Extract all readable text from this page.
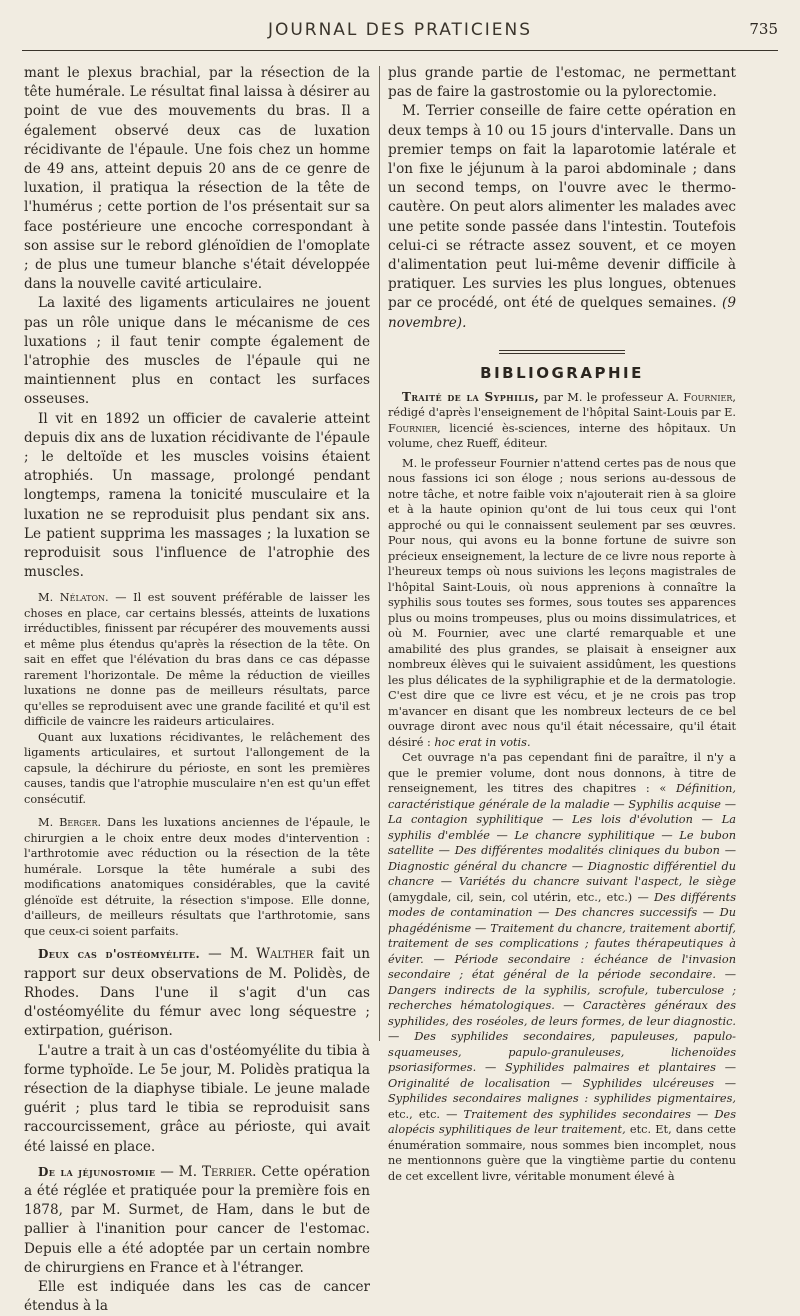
JOURNAL DES PRATICIENS	735

mant le plexus brachial, par la résection de la tête humérale. Le résultat final laissa à désirer au point de vue des mouvements du bras. Il a également observé deux cas de luxation récidivante de l'épaule. Une fois chez un homme de 49 ans, atteint depuis 20 ans de ce genre de luxation, il pratiqua la résection de la tête de l'humérus ; cette portion de l'os présentait sur sa face postérieure une encoche correspondant à son assise sur le rebord glénoïdien de l'omoplate ; de plus une tumeur blanche s'était développée dans la nouvelle cavité articulaire.

La laxité des ligaments articulaires ne jouent pas un rôle unique dans le mécanisme de ces luxations ; il faut tenir compte également de l'atrophie des muscles de l'épaule qui ne maintiennent plus en contact les surfaces osseuses.

Il vit en 1892 un officier de cavalerie atteint depuis dix ans de luxation récidivante de l'épaule ; le deltoïde et les muscles voisins étaient atrophiés. Un massage, prolongé pendant longtemps, ramena la tonicité musculaire et la luxation ne se reproduisit plus pendant six ans. Le patient supprima les massages ; la luxation se reproduisit sous l'influence de l'atrophie des muscles.

M. Nélaton. — Il est souvent préférable de laisser les choses en place, car certains blessés, atteints de luxations irréductibles, finissent par récupérer des mouvements aussi et même plus étendus qu'après la résection de la tête. On sait en effet que l'élévation du bras dans ce cas dépasse rarement l'horizontale. De même la réduction de vieilles luxations ne donne pas de meilleurs résultats, parce qu'elles se reproduisent avec une grande facilité et qu'il est difficile de vaincre les raideurs articulaires.

Quant aux luxations récidivantes, le relâchement des ligaments articulaires, et surtout l'allongement de la capsule, la déchirure du périoste, en sont les premières causes, tandis que l'atrophie musculaire n'en est qu'un effet consécutif.

M. Berger. Dans les luxations anciennes de l'épaule, le chirurgien a le choix entre deux modes d'intervention : l'arthrotomie avec réduction ou la résection de la tête humérale. Lorsque la tête humérale a subi des modifications anatomiques considérables, que la cavité glénoïde est détruite, la résection s'impose. Elle donne, d'ailleurs, de meilleurs résultats que l'arthrotomie, sans que ceux-ci soient parfaits.

Deux cas d'ostéomyélite. — M. Walther fait un rapport sur deux observations de M. Polidès, de Rhodes. Dans l'une il s'agit d'un cas d'ostéomyélite du fémur avec long séquestre ; extirpation, guérison.

L'autre a trait à un cas d'ostéomyélite du tibia à forme typhoïde. Le 5e jour, M. Polidès pratiqua la résection de la diaphyse tibiale. Le jeune malade guérit ; plus tard le tibia se reproduisit sans raccourcissement, grâce au périoste, qui avait été laissé en place.

De la jéjunostomie — M. Terrier. Cette opération a été réglée et pratiquée pour la première fois en 1878, par M. Surmet, de Ham, dans le but de pallier à l'inanition pour cancer de l'estomac. Depuis elle a été adoptée par un certain nombre de chirurgiens en France et à l'étranger.

Elle est indiquée dans les cas de cancer étendus à la

plus grande partie de l'estomac, ne permettant pas de faire la gastrostomie ou la pylorectomie.

M. Terrier conseille de faire cette opération en deux temps à 10 ou 15 jours d'intervalle. Dans un premier temps on fait la laparotomie latérale et l'on fixe le jéjunum à la paroi abdominale ; dans un second temps, on l'ouvre avec le thermo-cautère. On peut alors alimenter les malades avec une petite sonde passée dans l'intestin. Toutefois celui-ci se rétracte assez souvent, et ce moyen d'alimentation peut lui-même devenir difficile à pratiquer. Les survies les plus longues, obtenues par ce procédé, ont été de quelques semaines. (9 novembre).

BIBLIOGRAPHIE

Traité de la Syphilis, par M. le professeur A. Fournier, rédigé d'après l'enseignement de l'hôpital Saint-Louis par E. Fournier, licencié ès-sciences, interne des hôpitaux. Un volume, chez Rueff, éditeur.

M. le professeur Fournier n'attend certes pas de nous que nous fassions ici son éloge ; nous serions au-dessous de notre tâche, et notre faible voix n'ajouterait rien à sa gloire et à la haute opinion qu'ont de lui tous ceux qui l'ont approché ou qui le connaissent seulement par ses œuvres. Pour nous, qui avons eu la bonne fortune de suivre son précieux enseignement, la lecture de ce livre nous reporte à l'heureux temps où nous suivions les leçons magistrales de l'hôpital Saint-Louis, où nous apprenions à connaître la syphilis sous toutes ses formes, sous toutes ses apparences plus ou moins trompeuses, plus ou moins dissimulatrices, et où M. Fournier, avec une clarté remarquable et une amabilité des plus grandes, se plaisait à enseigner aux nombreux élèves qui le suivaient assidûment, les questions les plus délicates de la syphiligraphie et de la dermatologie. C'est dire que ce livre est vécu, et je ne crois pas trop m'avancer en disant que les nombreux lecteurs de ce bel ouvrage diront avec nous qu'il était nécessaire, qu'il était désiré : hoc erat in votis.

Cet ouvrage n'a pas cependant fini de paraître, il n'y a que le premier volume, dont nous donnons, à titre de renseignement, les titres des chapitres : « Définition, caractéristique générale de la maladie — Syphilis acquise — La contagion syphilitique — Les lois d'évolution — La syphilis d'emblée — Le chancre syphilitique — Le bubon satellite — Des différentes modalités cliniques du bubon — Diagnostic général du chancre — Diagnostic différentiel du chancre — Variétés du chancre suivant l'aspect, le siège (amygdale, cil, sein, col utérin, etc., etc.) — Des différents modes de contamination — Des chancres successifs — Du phagédénisme — Traitement du chancre, traitement abortif, traitement de ses complications ; fautes thérapeutiques à éviter. — Période secondaire : échéance de l'invasion secondaire ; état général de la période secondaire. — Dangers indirects de la syphilis, scrofule, tuberculose ; recherches hématologiques. — Caractères généraux des syphilides, des roséoles, de leurs formes, de leur diagnostic. — Des syphilides secondaires, papuleuses, papulo-squameuses, papulo-granuleuses, lichenoïdes psoriasiformes. — Syphilides palmaires et plantaires — Originalité de localisation — Syphilides ulcéreuses — Syphilides secondaires malignes : syphilides pigmentaires, etc., etc. — Traitement des syphilides secondaires — Des alopécis syphilitiques de leur traitement, etc. Et, dans cette énumération sommaire, nous sommes bien incomplet, nous ne mentionnons guère que la vingtième partie du contenu de cet excellent livre, véritable monument élevé à
